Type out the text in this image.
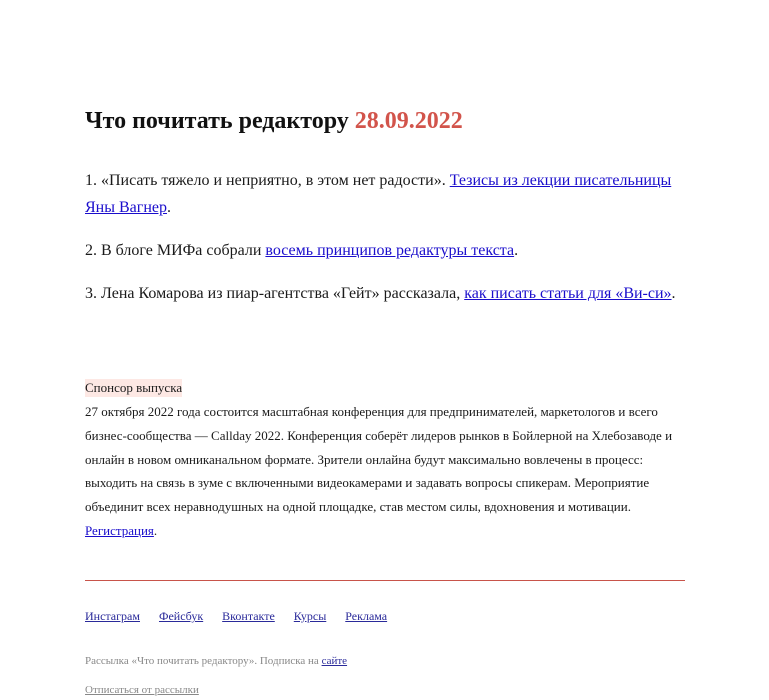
Что почитать редактору 28.09.2022

1. «Писать тяжело и неприятно, в этом нет радости». Тезисы из лекции писательницы Яны Вагнер.

2. В блоге МИФа собрали восемь принципов редактуры текста.

3. Лена Комарова из пиар-агентства «Гейт» рассказала, как писать статьи для «Ви-си».

Спонсор выпуска

27 октября 2022 года состоится масштабная конференция для предпринимателей, маркетологов и всего бизнес-сообщества — Callday 2022. Конференция соберёт лидеров рынков в Бойлерной на Хлебозаводе и онлайн в новом омниканальном формате. Зрители онлайна будут максимально вовлечены в процесс: выходить на связь в зуме с включенными видеокамерами и задавать вопросы спикерам. Мероприятие объединит всех неравнодушных на одной площадке, став местом силы, вдохновения и мотивации. Регистрация.

Инстаграм Фейсбук Вконтакте Курсы Реклама
Рассылка «Что почитать редактору». Подписка на сайте
Отписаться от рассылки
